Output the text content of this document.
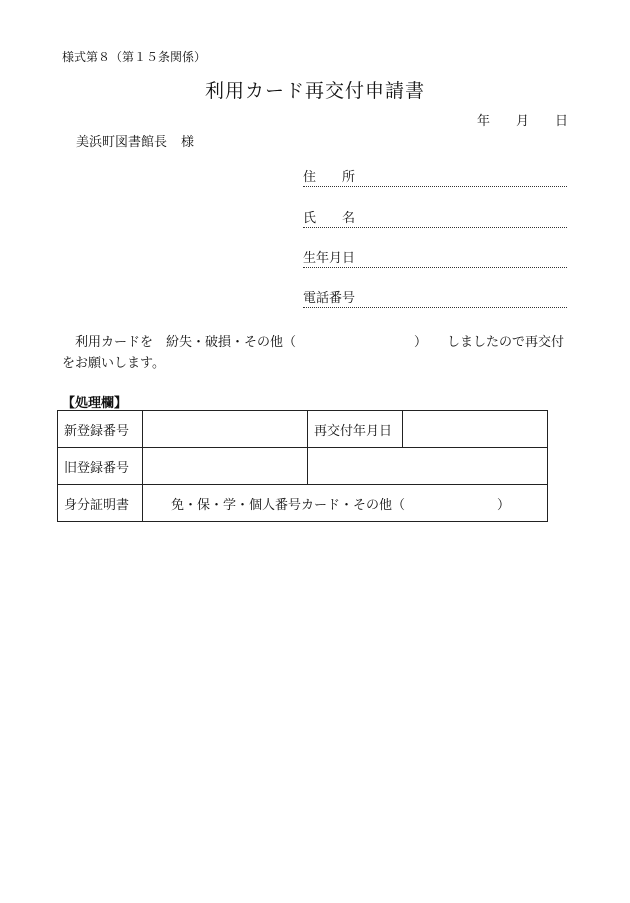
様式第８（第１５条関係）
利用カード再交付申請書
年 月 日
美浜町図書館長 様
住　　所
氏　　名
生年月日
電話番号
利用カードを　紛失・破損・その他（	） しましたので再交付
をお願いします。
【処理欄】
新登録番号		再交付年月日	
旧登録番号			
身分証明書	免・保・学・個人番号カード・その他（ ）		
